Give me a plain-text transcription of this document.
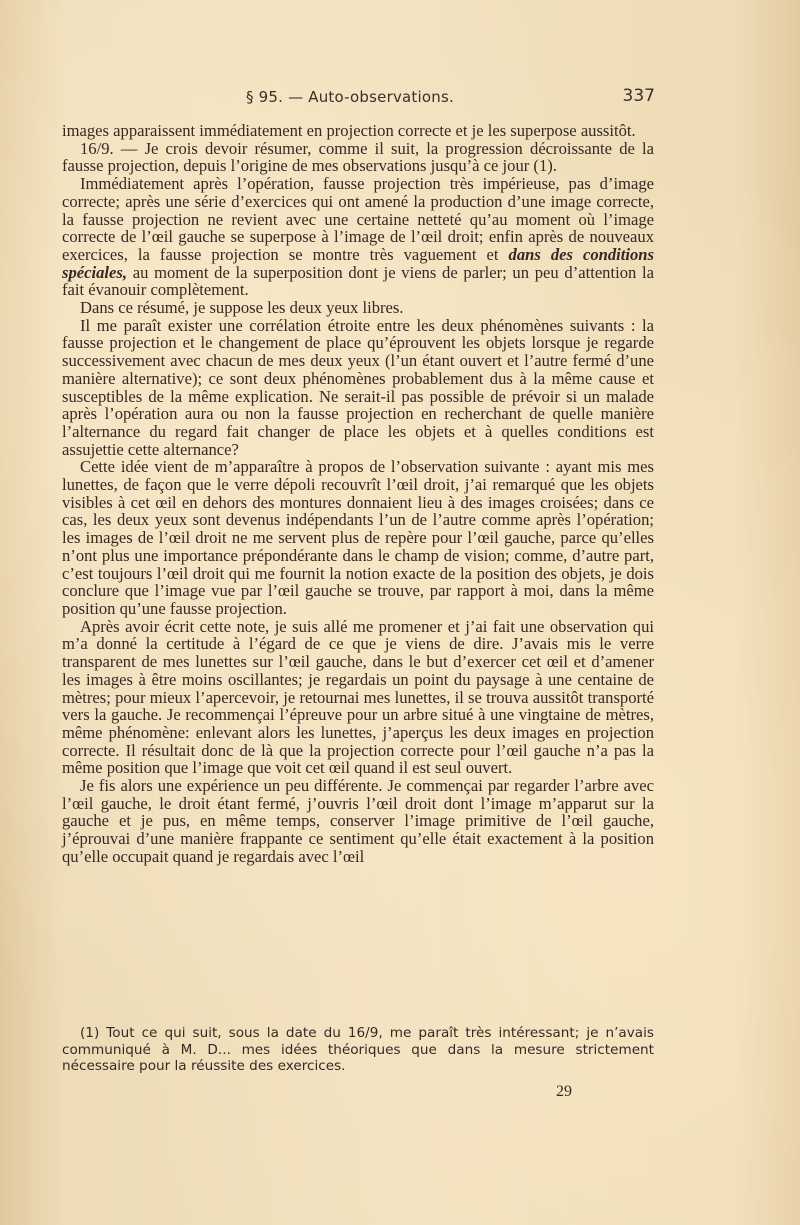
§ 95. — Auto-observations.	337

images apparaissent immédiatement en projection correcte et je les superpose aussitôt.

16/9. — Je crois devoir résumer, comme il suit, la progression décroissante de la fausse projection, depuis l’origine de mes observations jusqu’à ce jour (1).

Immédiatement après l’opération, fausse projection très impérieuse, pas d’image correcte; après une série d’exercices qui ont amené la production d’une image correcte, la fausse projection ne revient avec une certaine netteté qu’au moment où l’image correcte de l’œil gauche se superpose à l’image de l’œil droit; enfin après de nouveaux exercices, la fausse projection se montre très vaguement et dans des conditions spéciales, au moment de la superposition dont je viens de parler; un peu d’attention la fait évanouir complètement.

Dans ce résumé, je suppose les deux yeux libres.

Il me paraît exister une corrélation étroite entre les deux phénomènes suivants : la fausse projection et le changement de place qu’éprouvent les objets lorsque je regarde successivement avec chacun de mes deux yeux (l’un étant ouvert et l’autre fermé d’une manière alternative); ce sont deux phénomènes probablement dus à la même cause et susceptibles de la même explication. Ne serait-il pas possible de prévoir si un malade après l’opération aura ou non la fausse projection en recherchant de quelle manière l’alternance du regard fait changer de place les objets et à quelles conditions est assujettie cette alternance?

Cette idée vient de m’apparaître à propos de l’observation suivante : ayant mis mes lunettes, de façon que le verre dépoli recouvrît l’œil droit, j’ai remarqué que les objets visibles à cet œil en dehors des montures donnaient lieu à des images croisées; dans ce cas, les deux yeux sont devenus indépendants l’un de l’autre comme après l’opération; les images de l’œil droit ne me servent plus de repère pour l’œil gauche, parce qu’elles n’ont plus une importance prépondérante dans le champ de vision; comme, d’autre part, c’est toujours l’œil droit qui me fournit la notion exacte de la position des objets, je dois conclure que l’image vue par l’œil gauche se trouve, par rapport à moi, dans la même position qu’une fausse projection.

Après avoir écrit cette note, je suis allé me promener et j’ai fait une observation qui m’a donné la certitude à l’égard de ce que je viens de dire. J’avais mis le verre transparent de mes lunettes sur l’œil gauche, dans le but d’exercer cet œil et d’amener les images à être moins oscillantes; je regardais un point du paysage à une centaine de mètres; pour mieux l’apercevoir, je retournai mes lunettes, il se trouva aussitôt transporté vers la gauche. Je recommençai l’épreuve pour un arbre situé à une vingtaine de mètres, même phénomène: enlevant alors les lunettes, j’aperçus les deux images en projection correcte. Il résultait donc de là que la projection correcte pour l’œil gauche n’a pas la même position que l’image que voit cet œil quand il est seul ouvert.

Je fis alors une expérience un peu différente. Je commençai par regarder l’arbre avec l’œil gauche, le droit étant fermé, j’ouvris l’œil droit dont l’image m’apparut sur la gauche et je pus, en même temps, conserver l’image primitive de l’œil gauche, j’éprouvai d’une manière frappante ce sentiment qu’elle était exactement à la position qu’elle occupait quand je regardais avec l’œil

(1) Tout ce qui suit, sous la date du 16/9, me paraît très intéressant; je n’avais communiqué à M. D... mes idées théoriques que dans la mesure strictement nécessaire pour la réussite des exercices.
29
